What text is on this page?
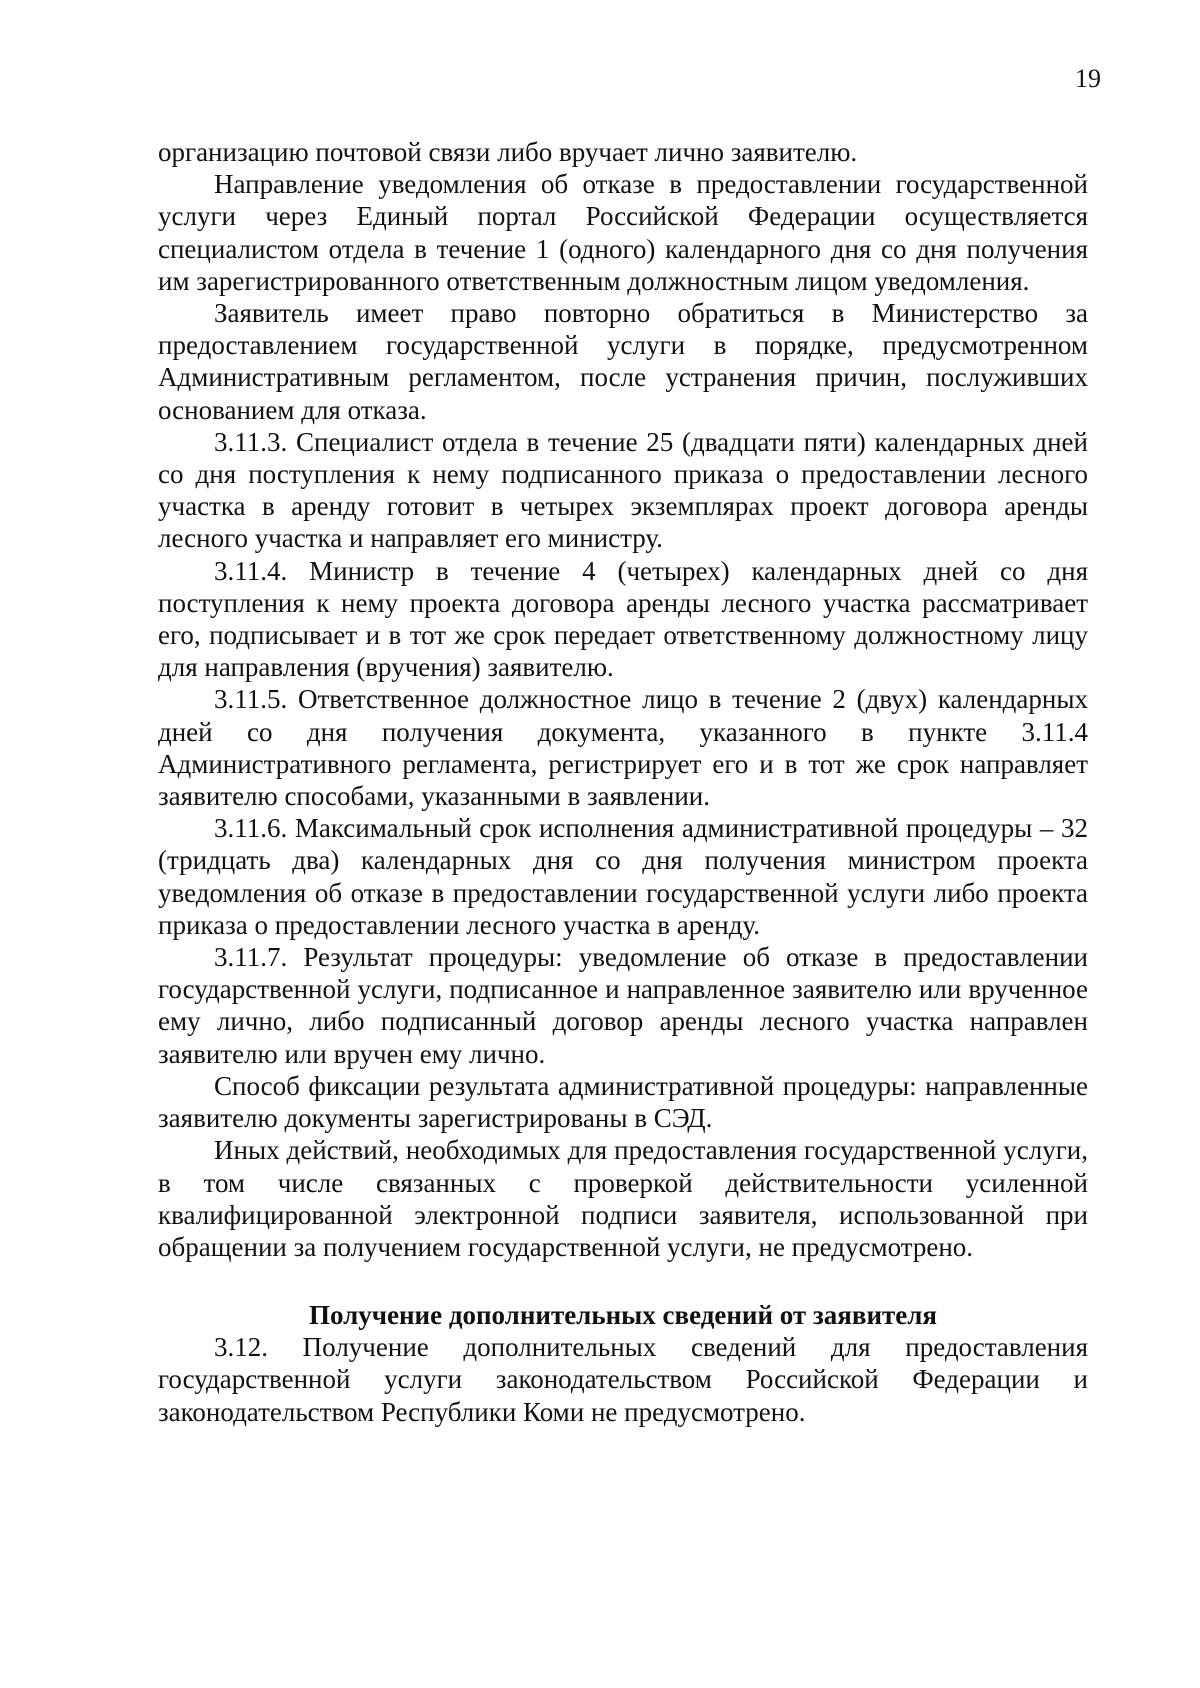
19

организацию почтовой связи либо вручает лично заявителю.

Направление уведомления об отказе в предоставлении государственной услуги через Единый портал Российской Федерации осуществляется специалистом отдела в течение 1 (одного) календарного дня со дня получения им зарегистрированного ответственным должностным лицом уведомления.

Заявитель имеет право повторно обратиться в Министерство за предоставлением государственной услуги в порядке, предусмотренном Административным регламентом, после устранения причин, послуживших основанием для отказа.

3.11.3. Специалист отдела в течение 25 (двадцати пяти) календарных дней со дня поступления к нему подписанного приказа о предоставлении лесного участка в аренду готовит в четырех экземплярах проект договора аренды лесного участка и направляет его министру.

3.11.4. Министр в течение 4 (четырех) календарных дней со дня поступления к нему проекта договора аренды лесного участка рассматривает его, подписывает и в тот же срок передает ответственному должностному лицу для направления (вручения) заявителю.

3.11.5. Ответственное должностное лицо в течение 2 (двух) календарных дней со дня получения документа, указанного в пункте 3.11.4 Административного регламента, регистрирует его и в тот же срок направляет заявителю способами, указанными в заявлении.

3.11.6. Максимальный срок исполнения административной процедуры – 32 (тридцать два) календарных дня со дня получения министром проекта уведомления об отказе в предоставлении государственной услуги либо проекта приказа о предоставлении лесного участка в аренду.

3.11.7. Результат процедуры: уведомление об отказе в предоставлении государственной услуги, подписанное и направленное заявителю или врученное ему лично, либо подписанный договор аренды лесного участка направлен заявителю или вручен ему лично.

Способ фиксации результата административной процедуры: направленные заявителю документы зарегистрированы в СЭД.

Иных действий, необходимых для предоставления государственной услуги, в том числе связанных с проверкой действительности усиленной квалифицированной электронной подписи заявителя, использованной при обращении за получением государственной услуги, не предусмотрено.

Получение дополнительных сведений от заявителя

3.12. Получение дополнительных сведений для предоставления государственной услуги законодательством Российской Федерации и законодательством Республики Коми не предусмотрено.
